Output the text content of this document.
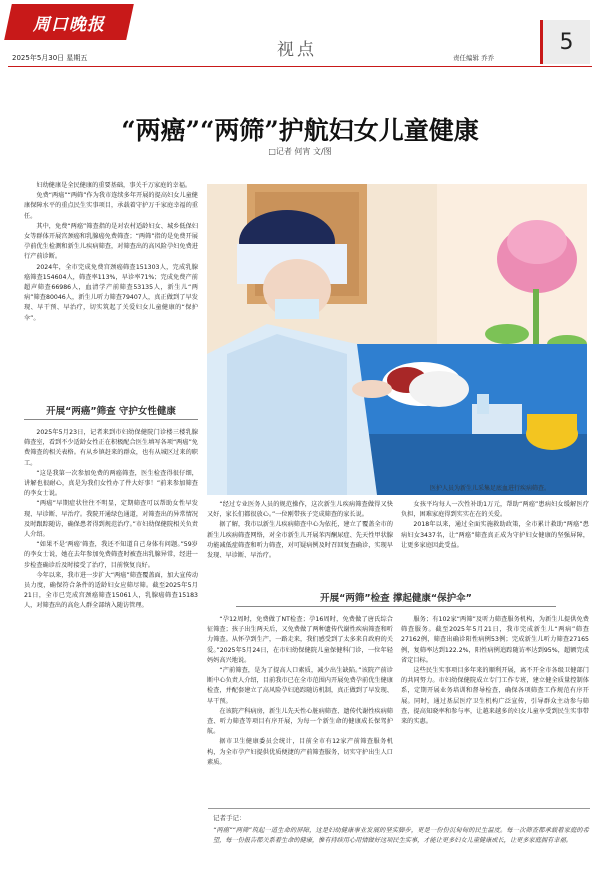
周口晚报
2025年5月30日 星期五	视点	责任编辑 乔乔
5
“两癌”“两筛”护航妇女儿童健康
□记者 何宵 文/图

妇幼健康是全民健康的重要基础，事关千万家庭的幸福。

免费“两癌”“两筛”作为我市连续多年开展的提高妇女儿童健康保障水平的重点民生实事项目，承载着守护万千家庭幸福的重任。

其中，免费“两癌”筛查指的是对农村适龄妇女、城乡低保妇女等群体开展宫颈癌和乳腺癌免费筛查；“两筛”指的是免费开展孕前优生检测和新生儿疾病筛查，对筛查出的高风险孕妇免费进行产前诊断。

2024年，全市完成免费宫颈癌筛查151303人，完成乳腺癌筛查154604人，筛查率113%，早诊率71%；完成免费产前超声筛查66986人，血清学产前筛查53135人，新生儿“两病”筛查80046人，新生儿听力筛查79407人，真正做到了早发现、早干预、早治疗，切实筑起了关爱妇女儿童健康的“保护伞”。

开展“两癌”筛查 守护女性健康

2025年5月23日，记者来到市妇幼保健院门诊楼三楼乳腺筛查室，看到不少适龄女性正在积极配合医生填写各项“两癌”免费筛查的相关表格。有从乡镇赶来的群众，也有从城区过来的职工。

“这是我第一次参加免费的两癌筛查，医生检查得很仔细，讲解也很耐心，真是为我们女性办了件大好事！”前来参加筛查的李女士说。

“两癌”早期症状往往不明显，定期筛查可以帮助女性早发现、早诊断、早治疗。我院开通绿色通道，对筛查出的异常情况及时跟踪随访，确保患者得到规范治疗。”市妇幼保健院相关负责人介绍。

“如果不是‘两癌’筛查，我还不知道自己身体有问题。”59岁的李女士说，她在去年参加免费筛查时被查出乳腺异常，经进一步检查确诊后及时接受了治疗，目前恢复良好。

今年以来，我市进一步扩大“两癌”筛查覆盖面，加大宣传动员力度，确保符合条件的适龄妇女应筛尽筛。截至2025年5月21日，全市已完成宫颈癌筛查15061人，乳腺癌筛查15183人，对筛查出的高危人群全部纳入随访管理。

医护人员为新生儿采集足底血进行疾病筛查。

“经过专业医务人员的规范操作，这次新生儿疾病筛查做得又快又好，家长们都很放心。”一位刚带孩子完成筛查的家长说。

据了解，我市以新生儿疾病筛查中心为依托，建立了覆盖全市的新生儿疾病筛查网络，对全市新生儿开展苯丙酮尿症、先天性甲状腺功能减低症筛查和听力筛查，对可疑病例及时召回复查确诊，实现早发现、早诊断、早治疗。

女孩平均每人一次性补助1万元，帮助“两癌”患病妇女缓解医疗负担，困难家庭得到实实在在的关爱。

2018年以来，通过全面实施救助政策，全市累计救助“两癌”患病妇女3437名，让“两癌”筛查真正成为守护妇女健康的坚强屏障，让更多家庭因此受益。

开展“两筛”检查 撑起健康“保护伞”

“孕12周时，免费做了NT检查；孕16周时，免费做了唐氏综合征筛查；孩子出生两天后，又免费做了两种遗传代谢性疾病筛查和听力筛查。从怀孕到生产，一路走来，我们感受到了太多来自政府的关爱。”2025年5月24日，在市妇幼保健院儿童保健科门诊，一位年轻妈妈高兴地说。

“产前筛查，是为了提高人口素质，减少出生缺陷。”该院产前诊断中心负责人介绍，目前我市已在全市范围内开展免费孕前优生健康检查，并配套建立了高风险孕妇追踪随访机制，真正做到了早发现、早干预。

在该院产科病房，新生儿先天性心脏病筛查、遗传代谢性疾病筛查、听力筛查等项目有序开展，为每一个新生命的健康成长保驾护航。

据市卫生健康委员会统计，目前全市有12家产前筛查服务机构，为全市孕产妇提供优质便捷的产前筛查服务，切实守护出生人口素质。

服务；有102家“两筛”及听力筛查服务机构，为新生儿提供免费筛查服务。截至2025年5月21日，我市完成新生儿“两病”筛查27162例，筛查出确诊阳性病例53例；完成新生儿听力筛查27165例，复筛率达到122.2%，阳性病例追踪随访率达到95%，超额完成省定目标。

这些民生实事项目多年来的顺利开展，离不开全市各级卫健部门的共同努力。市妇幼保健院成立专门工作专班，建立健全质量控制体系，定期开展业务培训和督导检查，确保各项筛查工作规范有序开展。同时，通过基层医疗卫生机构广泛宣传，引导群众主动参与筛查，提高知晓率和参与率，让越来越多的妇女儿童享受到民生实事带来的实惠。

记者手记：
“两癌”“两筛”筑起一道生命的屏障，这是妇幼健康事业发展的坚实脚步，更是一份份沉甸甸的民生温度。每一次筛查都承载着家庭的希望，每一份报告都关系着生命的健康，惟有持续用心用情做好这项民生实事，才能让更多妇女儿童健康成长，让更多家庭拥有幸福。
